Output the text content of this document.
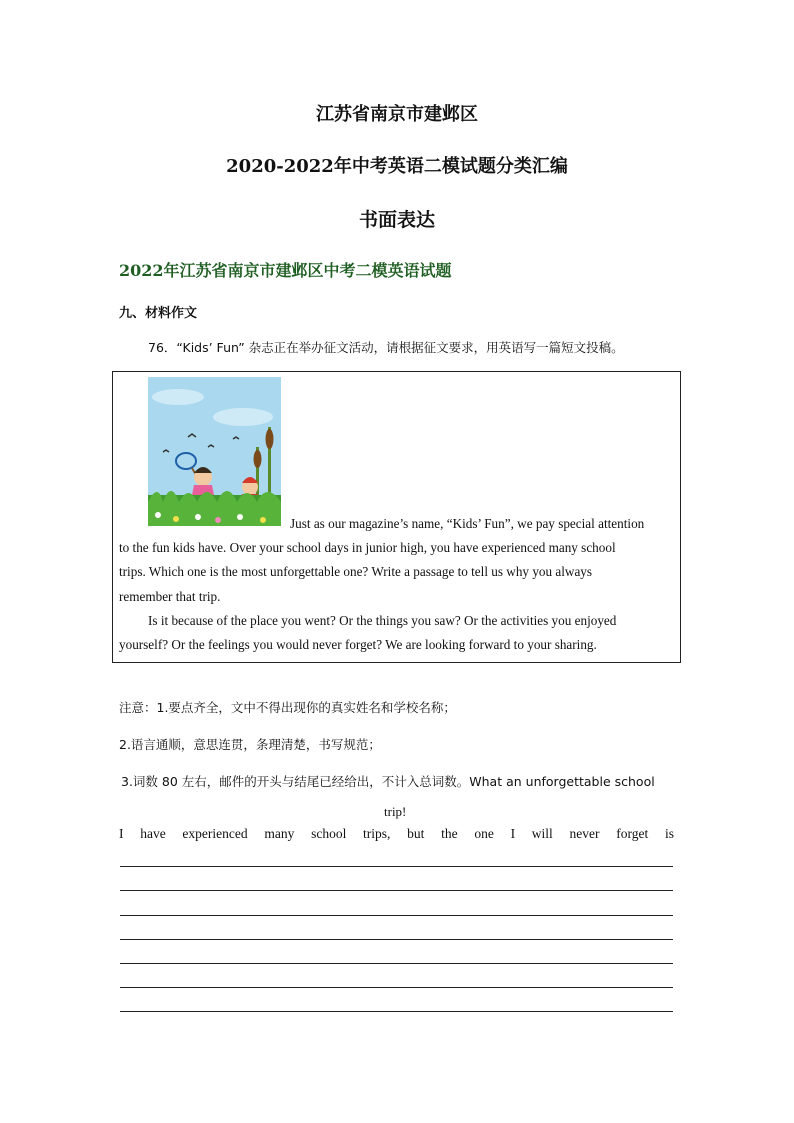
江苏省南京市建邺区
2020-2022年中考英语二模试题分类汇编
书面表达
2022年江苏省南京市建邺区中考二模英语试题
九、材料作文
76．“Kids’ Fun” 杂志正在举办征文活动，请根据征文要求，用英语写一篇短文投稿。
Just as our magazine’s name, “Kids’ Fun”, we pay special attention
to the fun kids have. Over your school days in junior high, you have experienced many school
trips. Which one is the most unforgettable one? Write a passage to tell us why you always
remember that trip.
Is it because of the place you went? Or the things you saw? Or the activities you enjoyed
yourself? Or the feelings you would never forget? We are looking forward to your sharing.
注意：1.要点齐全，文中不得出现你的真实姓名和学校名称；
2.语言通顺，意思连贯，条理清楚，书写规范；
3.词数 80 左右，邮件的开头与结尾已经给出，不计入总词数。What an unforgettable school
trip!
I have experienced many school trips, but the one I will never forget is
